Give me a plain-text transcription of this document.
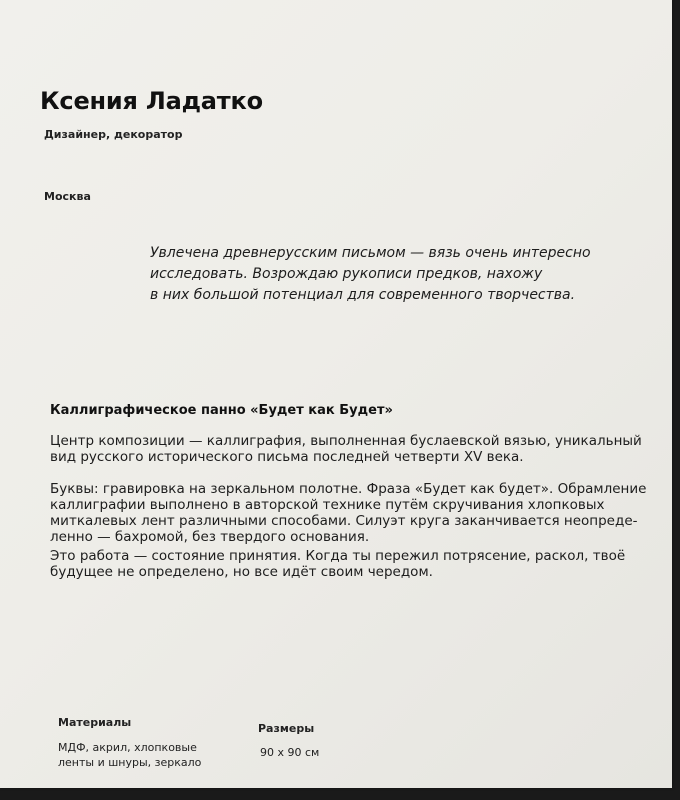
Ксения Ладатко
Дизайнер, декоратор
Москва
Увлечена древнерусским письмом — вязь очень интересно
исследовать. Возрождаю рукописи предков, нахожу
в них большой потенциал для современного творчества.
Каллиграфическое панно «Будет как Будет»
Центр композиции — каллиграфия, выполненная буслаевской вязью, уникальный
вид русского исторического письма последней четверти XV века.
Буквы: гравировка на зеркальном полотне. Фраза «Будет как будет». Обрамление
каллиграфии выполнено в авторской технике путём скручивания хлопковых
миткалевых лент различными способами. Силуэт круга заканчивается неопреде-
ленно — бахромой, без твердого основания.
Это работа — состояние принятия. Когда ты пережил потрясение, раскол, твоё
будущее не определено, но все идёт своим чередом.
Материалы
МДФ, акрил, хлопковые
ленты и шнуры, зеркало
Размеры
90 х 90 см
